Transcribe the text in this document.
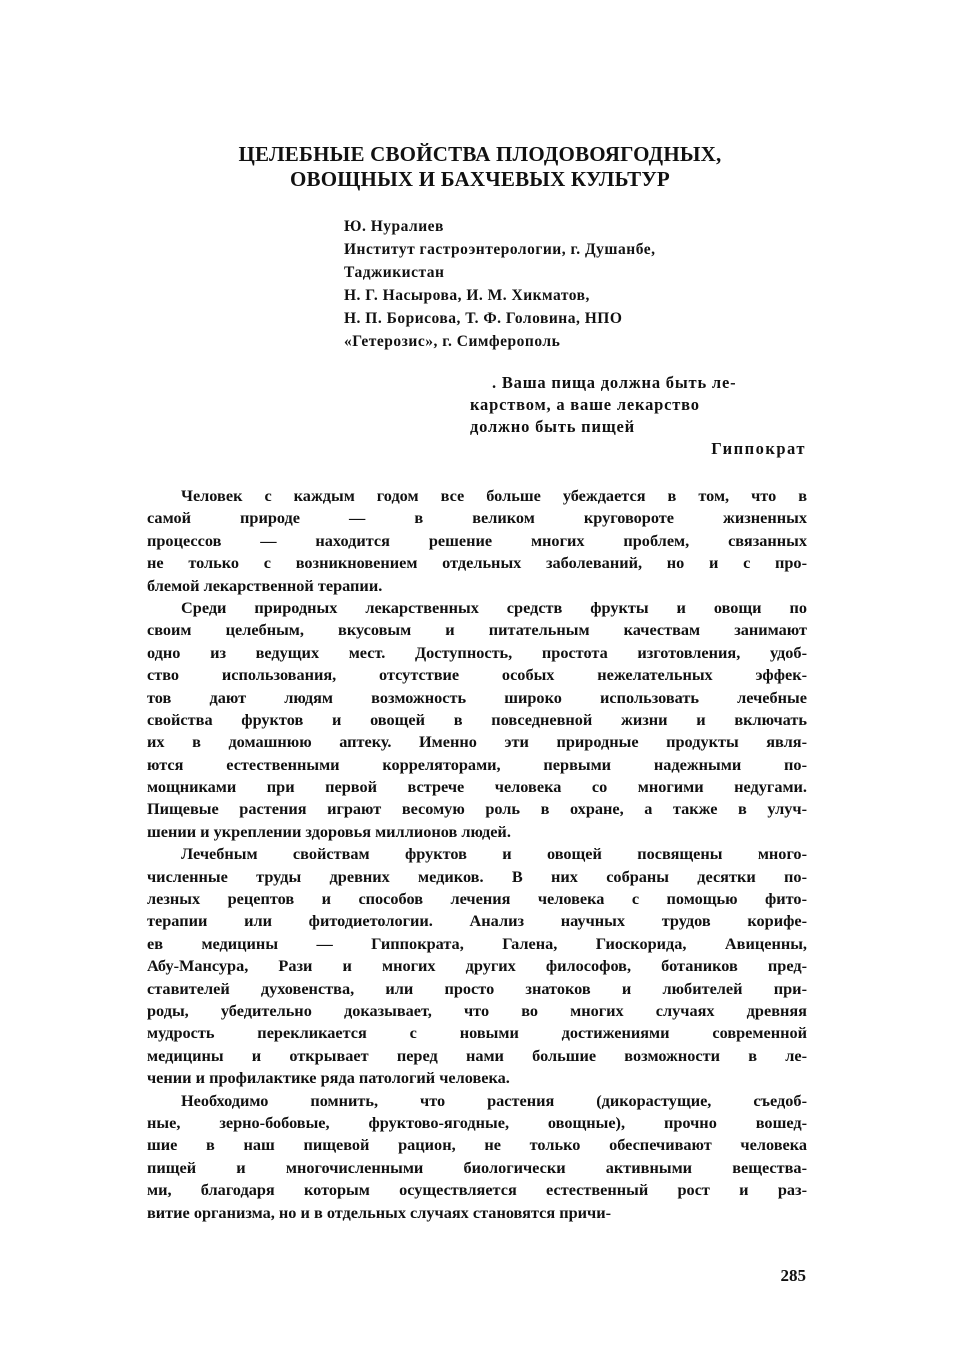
ЦЕЛЕБНЫЕ СВОЙСТВА ПЛОДОВОЯГОДНЫХ,
ОВОЩНЫХ И БАХЧЕВЫХ КУЛЬТУР
Ю. Нуралиев
Институт гастроэнтерологии, г. Душанбе,
Таджикистан
Н. Г. Насырова, И. М. Хикматов,
Н. П. Борисова, Т. Ф. Головина, НПО
«Гетерозис», г. Симферополь
. Ваша пища должна быть ле-
карством, а ваше лекарство
должно быть пищей
Гиппократ
Человек с каждым годом все больше убеждается в том, что в
самой природе — в великом круговороте жизненных
процессов — находится решение многих проблем, связанных
не только с возникновением отдельных заболеваний, но и с про-
блемой лекарственной терапии.
Среди природных лекарственных средств фрукты и овощи по
своим целебным, вкусовым и питательным качествам занимают
одно из ведущих мест. Доступность, простота изготовления, удоб-
ство использования, отсутствие особых нежелательных эффек-
тов дают людям возможность широко использовать лечебные
свойства фруктов и овощей в повседневной жизни и включать
их в домашнюю аптеку. Именно эти природные продукты явля-
ются естественными корреляторами, первыми надежными по-
мощниками при первой встрече человека со многими недугами.
Пищевые растения играют весомую роль в охране, а также в улуч-
шении и укреплении здоровья миллионов людей.
Лечебным свойствам фруктов и овощей посвящены много-
численные труды древних медиков. В них собраны десятки по-
лезных рецептов и способов лечения человека с помощью фито-
терапии или фитодиетологии. Анализ научных трудов корифе-
ев медицины — Гиппократа, Галена, Гиоскорида, Авиценны,
Абу-Мансура, Рази и многих других философов, ботаников пред-
ставителей духовенства, или просто знатоков и любителей при-
роды, убедительно доказывает, что во многих случаях древняя
мудрость перекликается с новыми достижениями современной
медицины и открывает перед нами большие возможности в ле-
чении и профилактике ряда патологий человека.
Необходимо помнить, что растения (дикорастущие, съедоб-
ные, зерно-бобовые, фруктово-ягодные, овощные), прочно вошед-
шие в наш пищевой рацион, не только обеспечивают человека
пищей и многочисленными биологически активными вещества-
ми, благодаря которым осуществляется естественный рост и раз-
витие организма, но и в отдельных случаях становятся причи-
285
